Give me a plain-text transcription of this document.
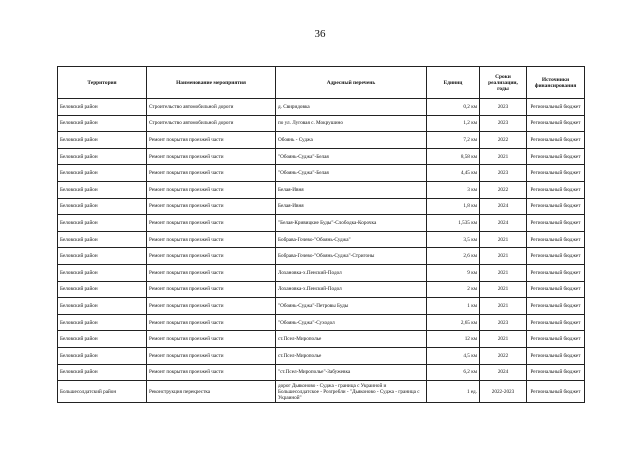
36
Территория	Наименование мероприятия	Адресный перечень	Единиц	Сроки реализации, годы	Источники финансирования
Беловский район	Строительство автомобильной дороги	д. Свиридовка	0,2 км	2023	Региональный бюджет
Беловский район	Строительство автомобильной дороги	по ул. Луговая с. Мокрушино	1,2 км	2023	Региональный бюджет
Беловский район	Ремонт покрытия проезжей части	Обоянь - Суджа	7,2 км	2022	Региональный бюджет
Беловский район	Ремонт покрытия проезжей части	"Обоянь-Суджа"-Белая	8,58 км	2021	Региональный бюджет
Беловский район	Ремонт покрытия проезжей части	"Обоянь-Суджа"-Белая	4,45 км	2023	Региональный бюджет
Беловский район	Ремонт покрытия проезжей части	Белая-Ивня	3 км	2022	Региональный бюджет
Беловский район	Ремонт покрытия проезжей части	Белая-Ивня	1,8 км	2024	Региональный бюджет
Беловский район	Ремонт покрытия проезжей части	"Белая-Кривицкие Буды"-Слободка-Корочка	1,535 км	2024	Региональный бюджет
Беловский район	Ремонт покрытия проезжей части	Бобрава-Гочево-"Обоянь-Суджа"	3,5 км	2021	Региональный бюджет
Беловский район	Ремонт покрытия проезжей части	Бобрава-Гочево-"Обоянь-Суджа"-Стригоны	2,6 км	2021	Региональный бюджет
Беловский район	Ремонт покрытия проезжей части	Лохановка-х.Пенский-Подол	9 км	2021	Региональный бюджет
Беловский район	Ремонт покрытия проезжей части	Лохановка-х.Пенский-Подол	2 км	2021	Региональный бюджет
Беловский район	Ремонт покрытия проезжей части	"Обоянь-Суджа"-Петровы Буды	1 км	2021	Региональный бюджет
Беловский район	Ремонт покрытия проезжей части	"Обоянь-Суджа"-Суходол	2,65 км	2023	Региональный бюджет
Беловский район	Ремонт покрытия проезжей части	ст.Псел-Мирополье	12 км	2021	Региональный бюджет
Беловский район	Ремонт покрытия проезжей части	ст.Псел-Мирополье	4,5 км	2022	Региональный бюджет
Беловский район	Ремонт покрытия проезжей части	"ст.Псел-Мирополье"-Забужевка	6,2 км	2024	Региональный бюджет
Большесолдатский район	Реконструкция перекрестка	дорог Дьяконово - Суджа - граница с Украиной и Большесолдатское - Розгребли - "Дьяконово - Суджа - граница с Украиной"	1 ед.	2022-2023	Региональный бюджет
